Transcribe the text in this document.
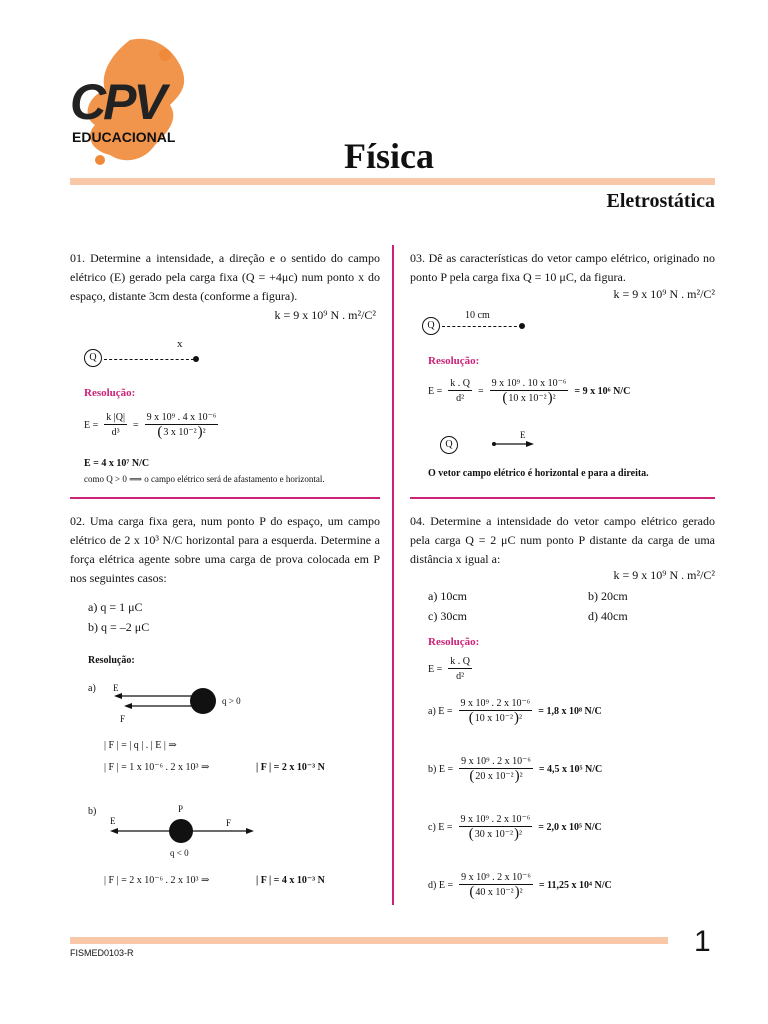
CPV
EDUCACIONAL	Física
Eletrostática
01. Determine a intensidade, a direção e o sentido do campo elétrico (E) gerado pela carga fixa (Q = +4μc) num ponto x do espaço, distante 3cm desta (conforme a figura).
k = 9 x 10⁹ N . m²/C²
Q
x
Resolução:
$E = \frac{k |Q|}{\text{d³}} = 9$ x 10⁹ . 4 x 10⁻⁶
( 3 x 10⁻² ) ²
E = 4 x 10⁷ N/C
como Q > 0 ⟹ o campo elétrico será de afastamento e horizontal.
02. Uma carga fixa gera, num ponto P do espaço, um campo elétrico de 2 x 10³ N/C horizontal para a esquerda. Determine a força elétrica agente sobre uma carga de prova colocada em P nos seguintes casos:
a) q = 1 μC
b) q = –2 μC
Resolução:
a) E
F
q > 0
| F | = | q | . | E | ⇒
| F | = 1 x 10⁻⁶ . 2 x 10³ ⇒	| F | = 2 x 10⁻³ N
b)
E
P
F
q < 0
| F | = 2 x 10⁻⁶ . 2 x 10³ ⇒	| F | = 4 x 10⁻³ N
03. Dê as características do vetor campo elétrico, originado no ponto P pela carga fixa Q = 10 μC, da figura.
k = 9 x 10⁹ N . m²/C²
Q
10 cm
Resolução:
$E = \frac{k . Q}{\text{d²}} = 9$ x 10⁹ . 10 x 10⁻⁶
( 10 x 10⁻² ) ² = 9 x 10⁶ N/C
Q
E
O vetor campo elétrico é horizontal e para a direita.
04. Determine a intensidade do vetor campo elétrico gerado pela carga Q = 2 μC num ponto P distante da carga de uma distância x igual a:
k = 9 x 10⁹ N . m²/C²
a) 10cm	b) 20cm
c) 30cm	d) 40cm
Resolução:
$E = \frac{k . Q}{\text{d²}}$
a) E = 9 x 10⁹ . 2 x 10⁻⁶
( 10 x 10⁻² ) ² = 1,8 x 10⁸ N/C
b) E = 9 x 10⁹ . 2 x 10⁻⁶
( 20 x 10⁻² ) ² = 4,5 x 10⁵ N/C
c) E = 9 x 10⁹ . 2 x 10⁻⁶
( 30 x 10⁻² ) ² = 2,0 x 10⁵ N/C
d) E = 9 x 10⁹ . 2 x 10⁻⁶
( 40 x 10⁻² ) ² = 11,25 x 10⁴ N/C
FISMED0103-R	1
